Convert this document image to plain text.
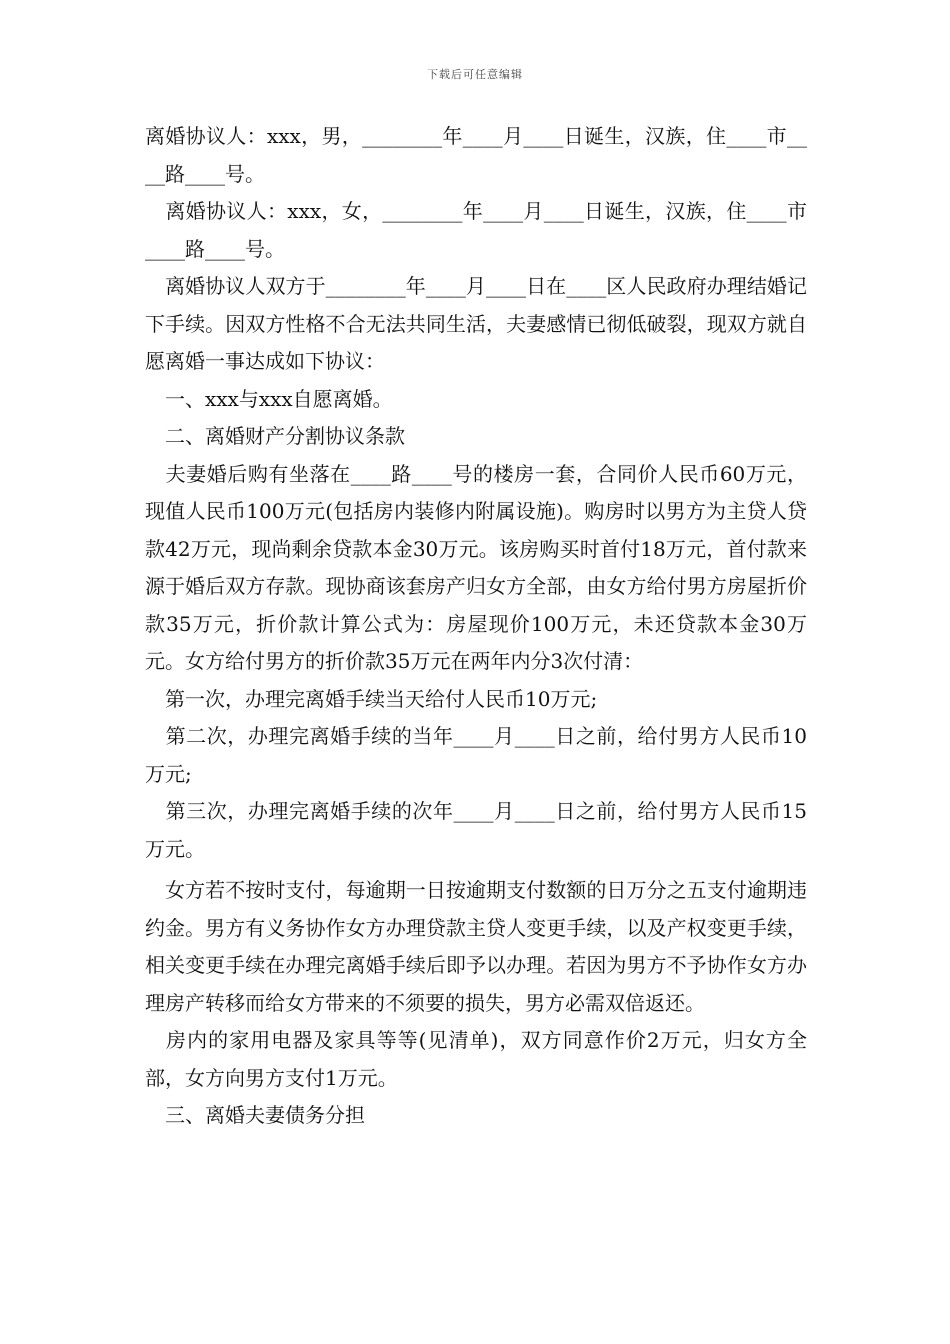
下载后可任意编辑

离婚协议人：xxx，男，________年____月____日诞生，汉族，住____市____路____号。

　离婚协议人：xxx，女，________年____月____日诞生，汉族，住____市____路____号。

　离婚协议人双方于________年____月____日在____区人民政府办理结婚记下手续。因双方性格不合无法共同生活，夫妻感情已彻低破裂，现双方就自愿离婚一事达成如下协议：

　一、xxx与xxx自愿离婚。

　二、离婚财产分割协议条款

　夫妻婚后购有坐落在____路____号的楼房一套，合同价人民币60万元，现值人民币100万元(包括房内装修内附属设施)。购房时以男方为主贷人贷款42万元，现尚剩余贷款本金30万元。该房购买时首付18万元，首付款来源于婚后双方存款。现协商该套房产归女方全部，由女方给付男方房屋折价款35万元，折价款计算公式为：房屋现价100万元，未还贷款本金30万元。女方给付男方的折价款35万元在两年内分3次付清：

　第一次，办理完离婚手续当天给付人民币10万元;

　第二次，办理完离婚手续的当年____月____日之前，给付男方人民币10万元;

　第三次，办理完离婚手续的次年____月____日之前，给付男方人民币15万元。

　女方若不按时支付，每逾期一日按逾期支付数额的日万分之五支付逾期违约金。男方有义务协作女方办理贷款主贷人变更手续，以及产权变更手续，相关变更手续在办理完离婚手续后即予以办理。若因为男方不予协作女方办理房产转移而给女方带来的不须要的损失，男方必需双倍返还。

　房内的家用电器及家具等等(见清单)，双方同意作价2万元，归女方全部，女方向男方支付1万元。

　三、离婚夫妻债务分担
